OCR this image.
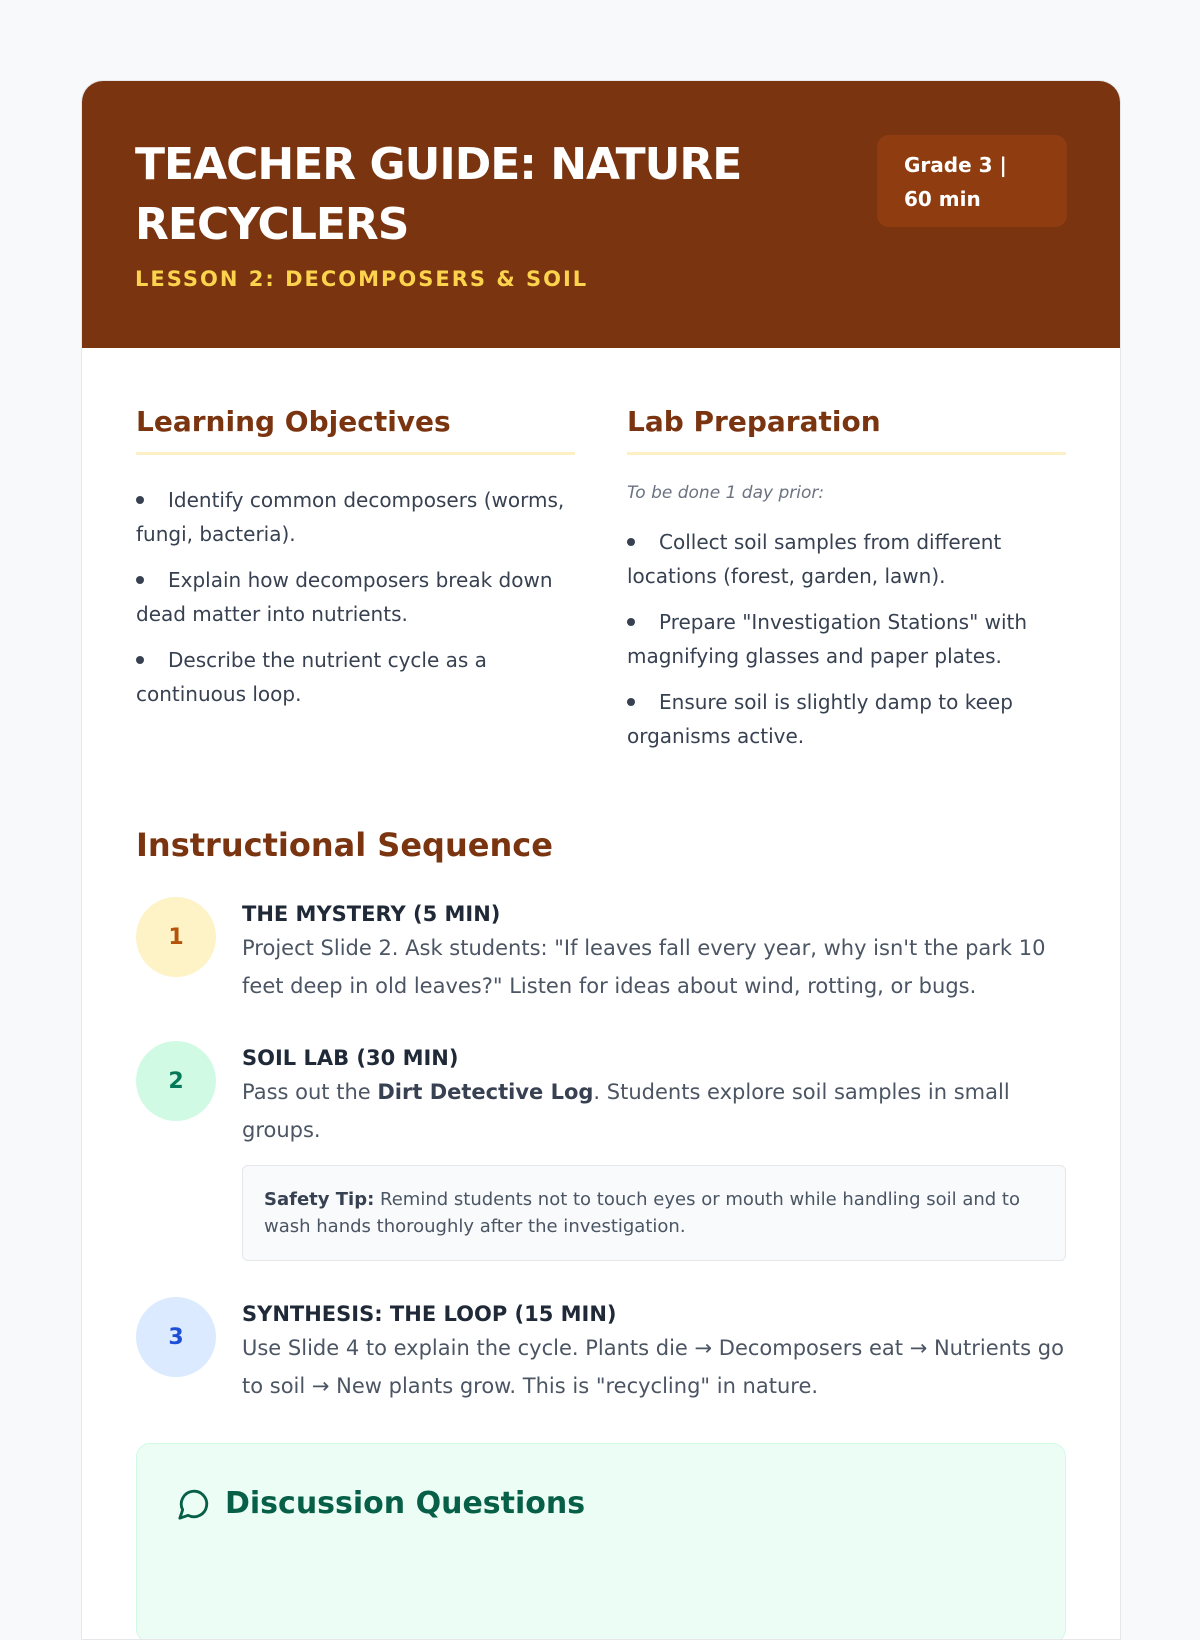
TEACHER GUIDE: NATURE RECYCLERS
LESSON 2: DECOMPOSERS & SOIL
Grade 3 | 60 min
Learning Objectives
Identify common decomposers (worms, fungi, bacteria).
Explain how decomposers break down dead matter into nutrients.
Describe the nutrient cycle as a continuous loop.
Lab Preparation
To be done 1 day prior:
Collect soil samples from different locations (forest, garden, lawn).
Prepare "Investigation Stations" with magnifying glasses and paper plates.
Ensure soil is slightly damp to keep organisms active.
Instructional Sequence
1
THE MYSTERY (5 MIN)
Project Slide 2. Ask students: "If leaves fall every year, why isn't the park 10 feet deep in old leaves?" Listen for ideas about wind, rotting, or bugs.
2
SOIL LAB (30 MIN)
Pass out the Dirt Detective Log. Students explore soil samples in small groups.
Safety Tip: Remind students not to touch eyes or mouth while handling soil and to wash hands thoroughly after the investigation.
3
SYNTHESIS: THE LOOP (15 MIN)
Use Slide 4 to explain the cycle. Plants die → Decomposers eat → Nutrients go to soil → New plants grow. This is "recycling" in nature.
Discussion Questions
